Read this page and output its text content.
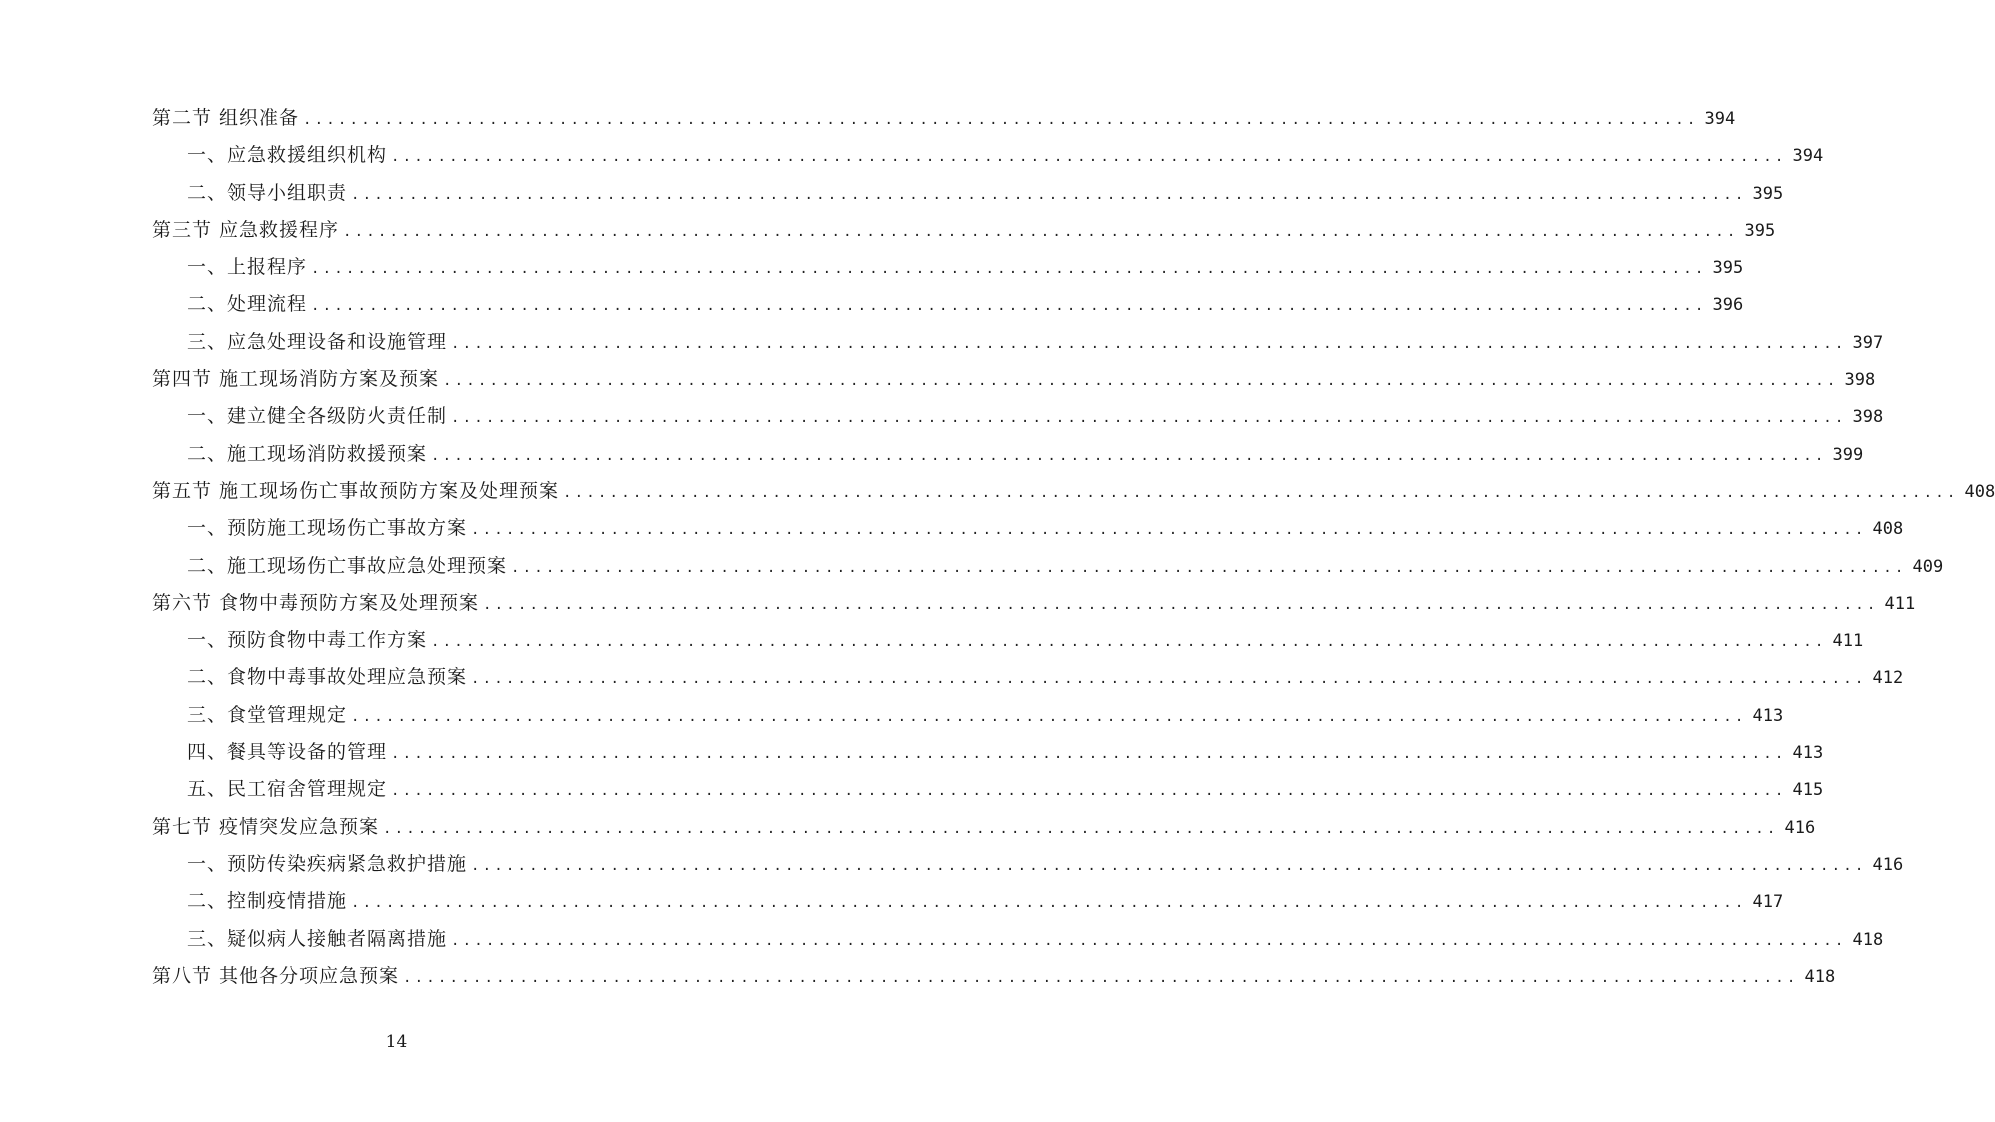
第二节 组织准备 ........................................................................................................................ 394
一、应急救援组织机构 ........................................................................................................................ 394
二、领导小组职责 ........................................................................................................................ 395
第三节 应急救援程序 ........................................................................................................................ 395
一、上报程序 ........................................................................................................................ 395
二、处理流程 ........................................................................................................................ 396
三、应急处理设备和设施管理 ........................................................................................................................ 397
第四节 施工现场消防方案及预案 ........................................................................................................................ 398
一、建立健全各级防火责任制 ........................................................................................................................ 398
二、施工现场消防救援预案 ........................................................................................................................ 399
第五节 施工现场伤亡事故预防方案及处理预案 ........................................................................................................................ 408
一、预防施工现场伤亡事故方案 ........................................................................................................................ 408
二、施工现场伤亡事故应急处理预案 ........................................................................................................................ 409
第六节 食物中毒预防方案及处理预案 ........................................................................................................................ 411
一、预防食物中毒工作方案 ........................................................................................................................ 411
二、食物中毒事故处理应急预案 ........................................................................................................................ 412
三、食堂管理规定 ........................................................................................................................ 413
四、餐具等设备的管理 ........................................................................................................................ 413
五、民工宿舍管理规定 ........................................................................................................................ 415
第七节 疫情突发应急预案 ........................................................................................................................ 416
一、预防传染疾病紧急救护措施 ........................................................................................................................ 416
二、控制疫情措施 ........................................................................................................................ 417
三、疑似病人接触者隔离措施 ........................................................................................................................ 418
第八节 其他各分项应急预案 ........................................................................................................................ 418
14
